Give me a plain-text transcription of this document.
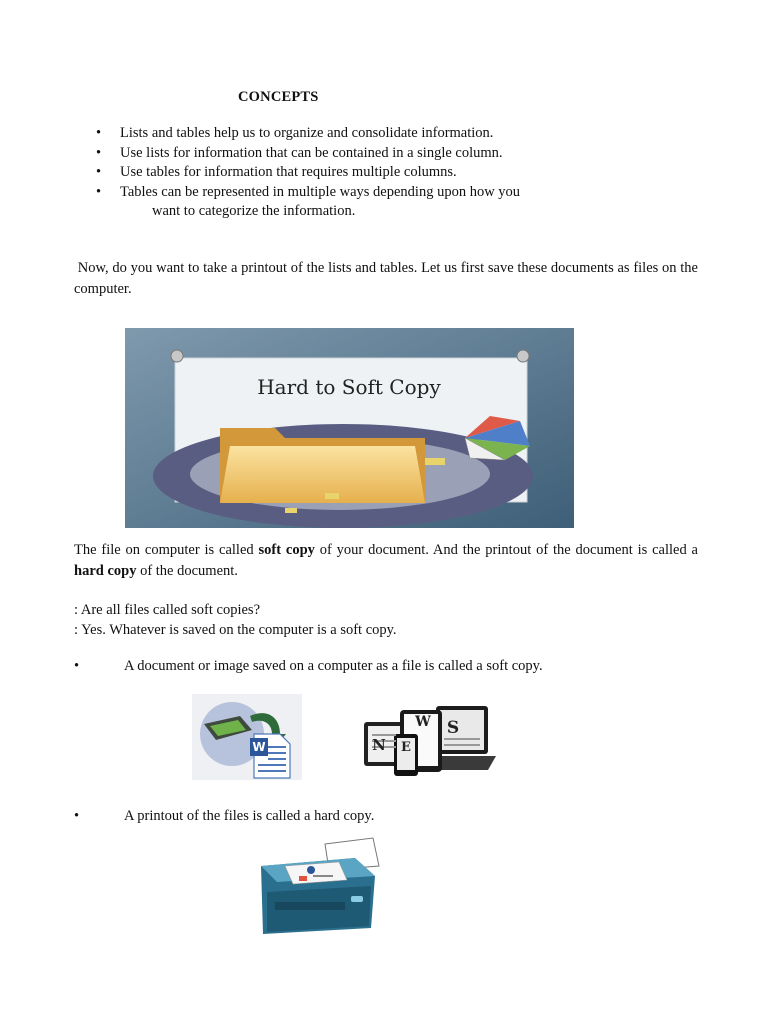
CONCEPTS
• Lists and tables help us to organize and consolidate information.
• Use lists for information that can be contained in a single column.
• Use tables for information that requires multiple columns.
• Tables can be represented in multiple ways depending upon how you
want to categorize the information.
Now, do you want to take a printout of the lists and tables. Let us first save these documents as files on the computer.
Hard to Soft Copy
The file on computer is called soft copy of your document. And the printout of the document is called a hard copy of the document.
: Are all files called soft copies?
: Yes. Whatever is saved on the computer is a soft copy.
•	A document or image saved on a computer as a file is called a soft copy.
W	N	E
W S
•	A printout of the files is called a hard copy.
